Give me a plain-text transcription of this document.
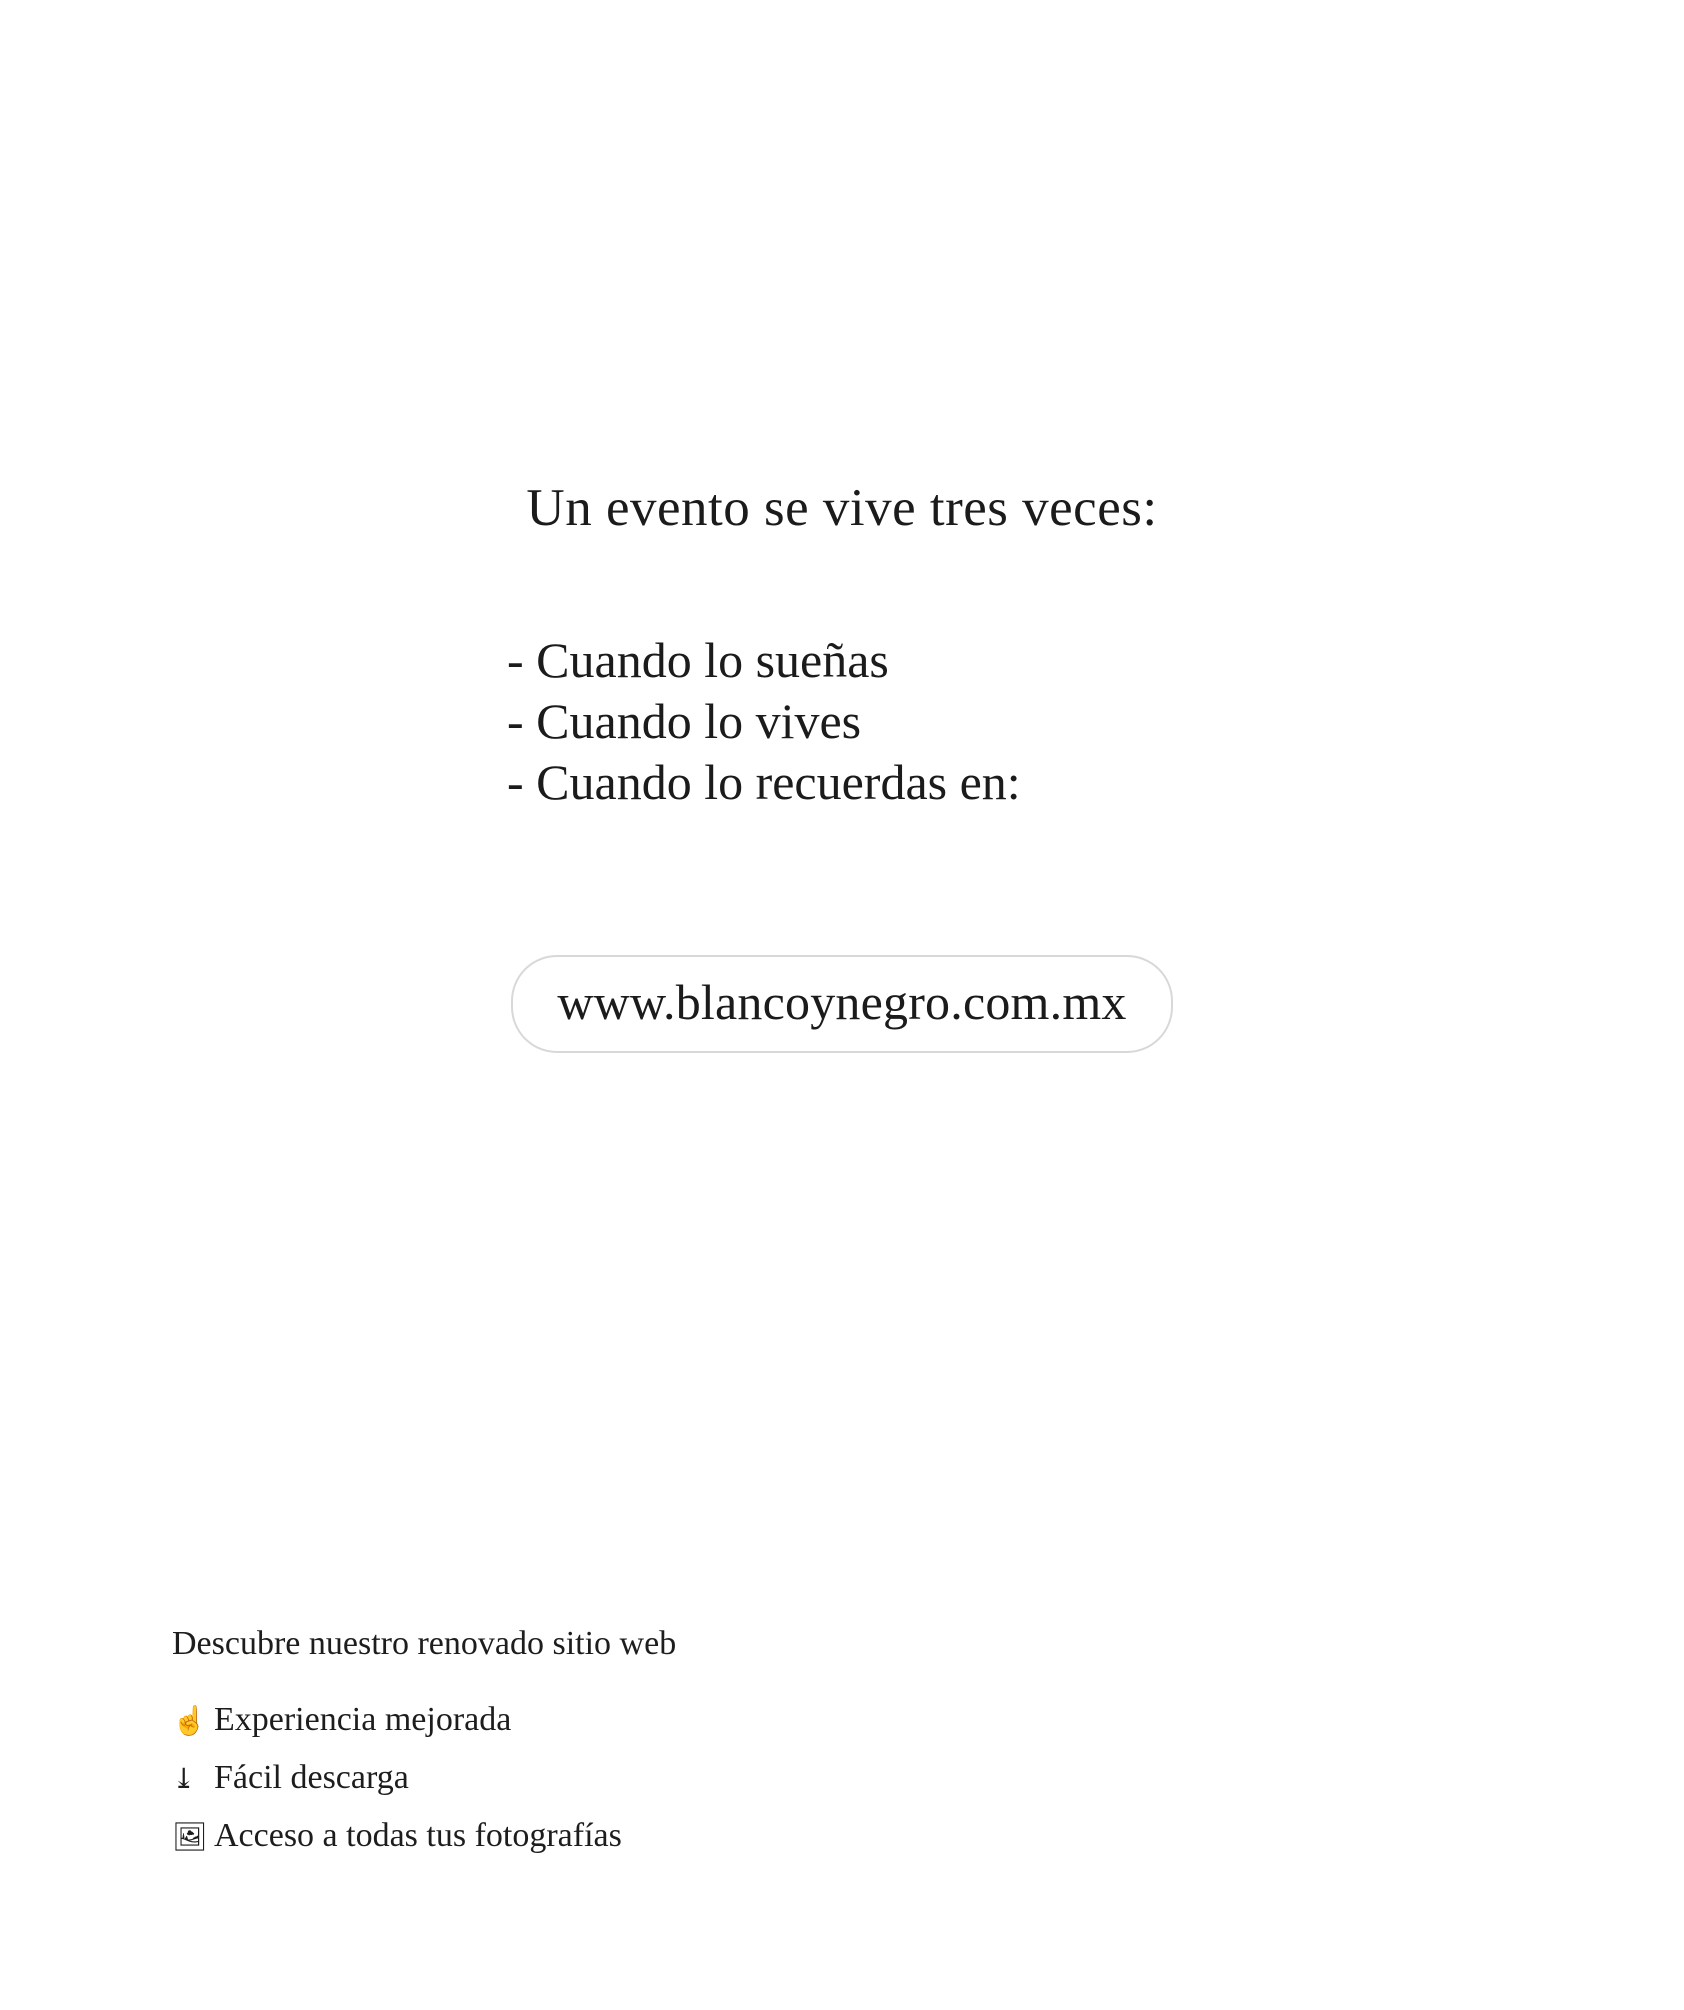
Un evento se vive tres veces:
- Cuando lo sueñas
- Cuando lo vives
- Cuando lo recuerdas en:
www.blancoynegro.com.mx
Descubre nuestro renovado sitio web
☝ Experiencia mejorada
⤓ Fácil descarga
🖼 Acceso a todas tus fotografías
